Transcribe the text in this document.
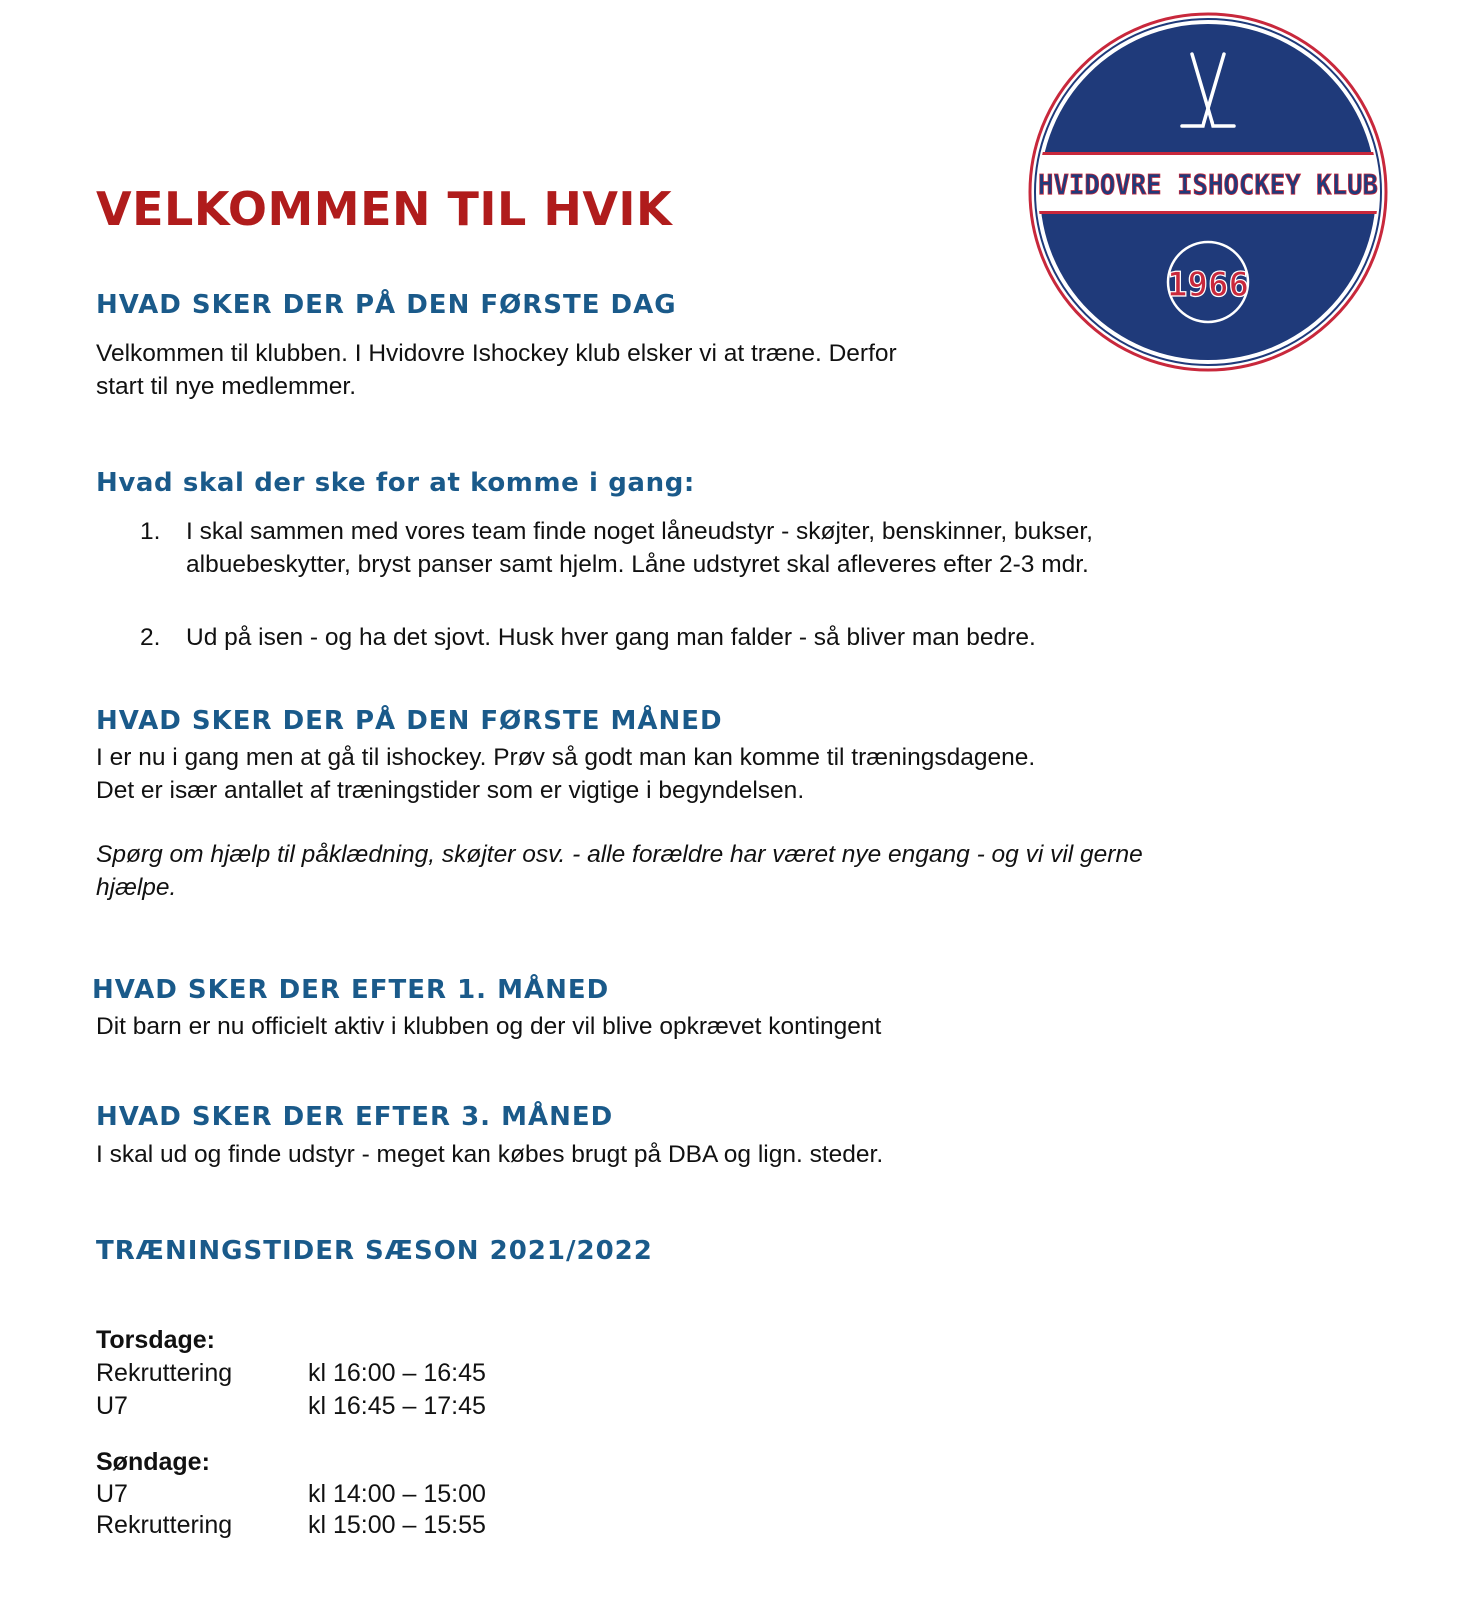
HVIDOVRE ISHOCKEY KLUB
1966
VELKOMMEN TIL HVIK
HVAD SKER DER PÅ DEN FØRSTE DAG
Velkommen til klubben. I Hvidovre Ishockey klub elsker vi at træne. Derfor
start til nye medlemmer.
Hvad skal der ske for at komme i gang:
1.	I skal sammen med vores team finde noget låneudstyr - skøjter, benskinner, bukser,
albuebeskytter, bryst panser samt hjelm. Låne udstyret skal afleveres efter 2-3 mdr.
2.	Ud på isen - og ha det sjovt. Husk hver gang man falder - så bliver man bedre.
HVAD SKER DER PÅ DEN FØRSTE MÅNED
I er nu i gang men at gå til ishockey. Prøv så godt man kan komme til træningsdagene.
Det er især antallet af træningstider som er vigtige i begyndelsen.
Spørg om hjælp til påklædning, skøjter osv. - alle forældre har været nye engang - og vi vil gerne
hjælpe.
HVAD SKER DER EFTER 1. MÅNED
Dit barn er nu officielt aktiv i klubben og der vil blive opkrævet kontingent
HVAD SKER DER EFTER 3. MÅNED
I skal ud og finde udstyr - meget kan købes brugt på DBA og lign. steder.
TRÆNINGSTIDER SÆSON 2021/2022
Torsdage:
Rekruttering	kl 16:00 – 16:45
U7	kl 16:45 – 17:45
Søndage:
U7	kl 14:00 – 15:00
Rekruttering	kl 15:00 – 15:55
